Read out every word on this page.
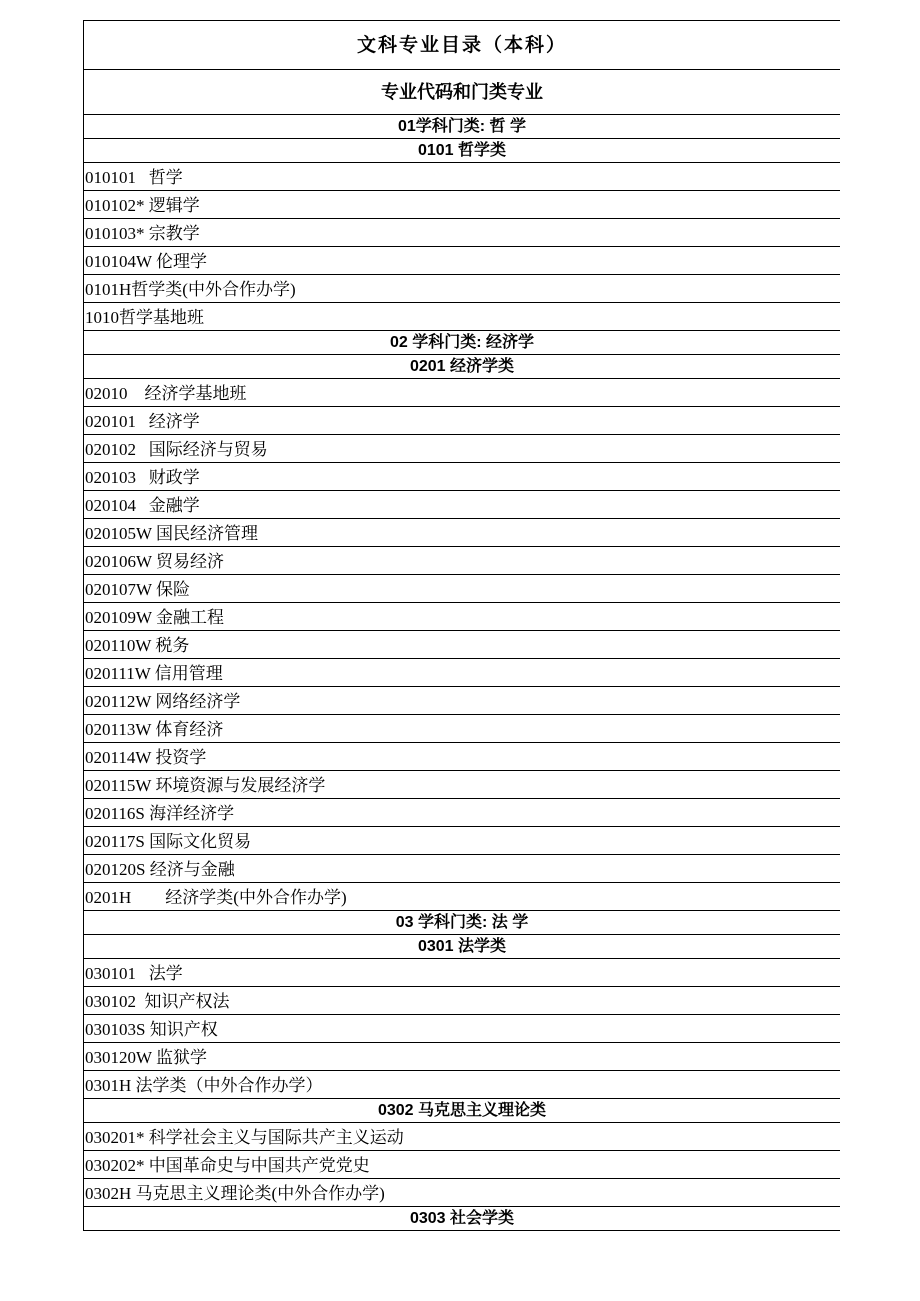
文科专业目录（本科）
专业代码和门类专业
01学科门类: 哲 学
0101 哲学类
010101   哲学
010102* 逻辑学
010103* 宗教学
010104W 伦理学
0101H哲学类(中外合作办学)
1010哲学基地班
02 学科门类: 经济学
0201 经济学类
02010    经济学基地班
020101   经济学
020102   国际经济与贸易
020103   财政学
020104   金融学
020105W 国民经济管理
020106W 贸易经济
020107W 保险
020109W 金融工程
020110W 税务
020111W 信用管理
020112W 网络经济学
020113W 体育经济
020114W 投资学
020115W 环境资源与发展经济学
020116S 海洋经济学
020117S 国际文化贸易
020120S 经济与金融
0201H        经济学类(中外合作办学)
03 学科门类: 法 学
0301 法学类
030101   法学
030102  知识产权法
030103S 知识产权
030120W 监狱学
0301H 法学类（中外合作办学）
0302 马克思主义理论类
030201* 科学社会主义与国际共产主义运动
030202* 中国革命史与中国共产党党史
0302H 马克思主义理论类(中外合作办学)
0303 社会学类
